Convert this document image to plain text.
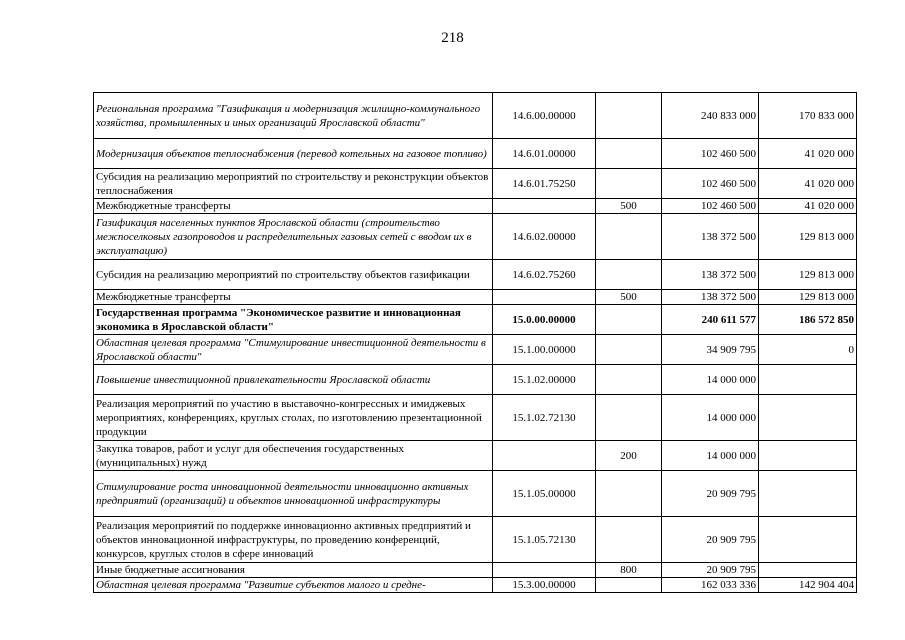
218
Региональная программа "Газификация и модернизация жилищно-коммунального хозяйства, промышленных и иных организаций Ярославской области"	14.6.00.00000		240 833 000	170 833 000
Модернизация объектов теплоснабжения (перевод котельных на газовое топливо)	14.6.01.00000		102 460 500	41 020 000
Субсидия на реализацию мероприятий по строительству и реконструкции объектов теплоснабжения	14.6.01.75250		102 460 500	41 020 000
Межбюджетные трансферты		500	102 460 500	41 020 000
Газификация населенных пунктов Ярославской области (строительство межпоселковых газопроводов и распределительных газовых сетей с вводом их в эксплуатацию)	14.6.02.00000		138 372 500	129 813 000
Субсидия на реализацию мероприятий по строительству объектов газификации	14.6.02.75260		138 372 500	129 813 000
Межбюджетные трансферты		500	138 372 500	129 813 000
Государственная программа "Экономическое развитие и инновационная экономика в Ярославской области"	15.0.00.00000		240 611 577	186 572 850
Областная целевая программа "Стимулирование инвестиционной деятельности в Ярославской области"	15.1.00.00000		34 909 795	0
Повышение инвестиционной привлекательности Ярославской области	15.1.02.00000		14 000 000	
Реализация мероприятий по участию в выставочно-конгрессных и имиджевых мероприятиях, конференциях, круглых столах, по изготовлению презентационной продукции	15.1.02.72130		14 000 000	
Закупка товаров, работ и услуг для обеспечения государственных (муниципальных) нужд		200	14 000 000	
Стимулирование роста инновационной деятельности инновационно активных предприятий (организаций) и объектов инновационной инфраструктуры	15.1.05.00000		20 909 795	
Реализация мероприятий по поддержке инновационно активных предприятий и объектов инновационной инфраструктуры, по проведению конференций, конкурсов, круглых столов в сфере инноваций	15.1.05.72130		20 909 795	
Иные бюджетные ассигнования		800	20 909 795	
Областная целевая программа "Развитие субъектов малого и средне-	15.3.00.00000		162 033 336	142 904 404
